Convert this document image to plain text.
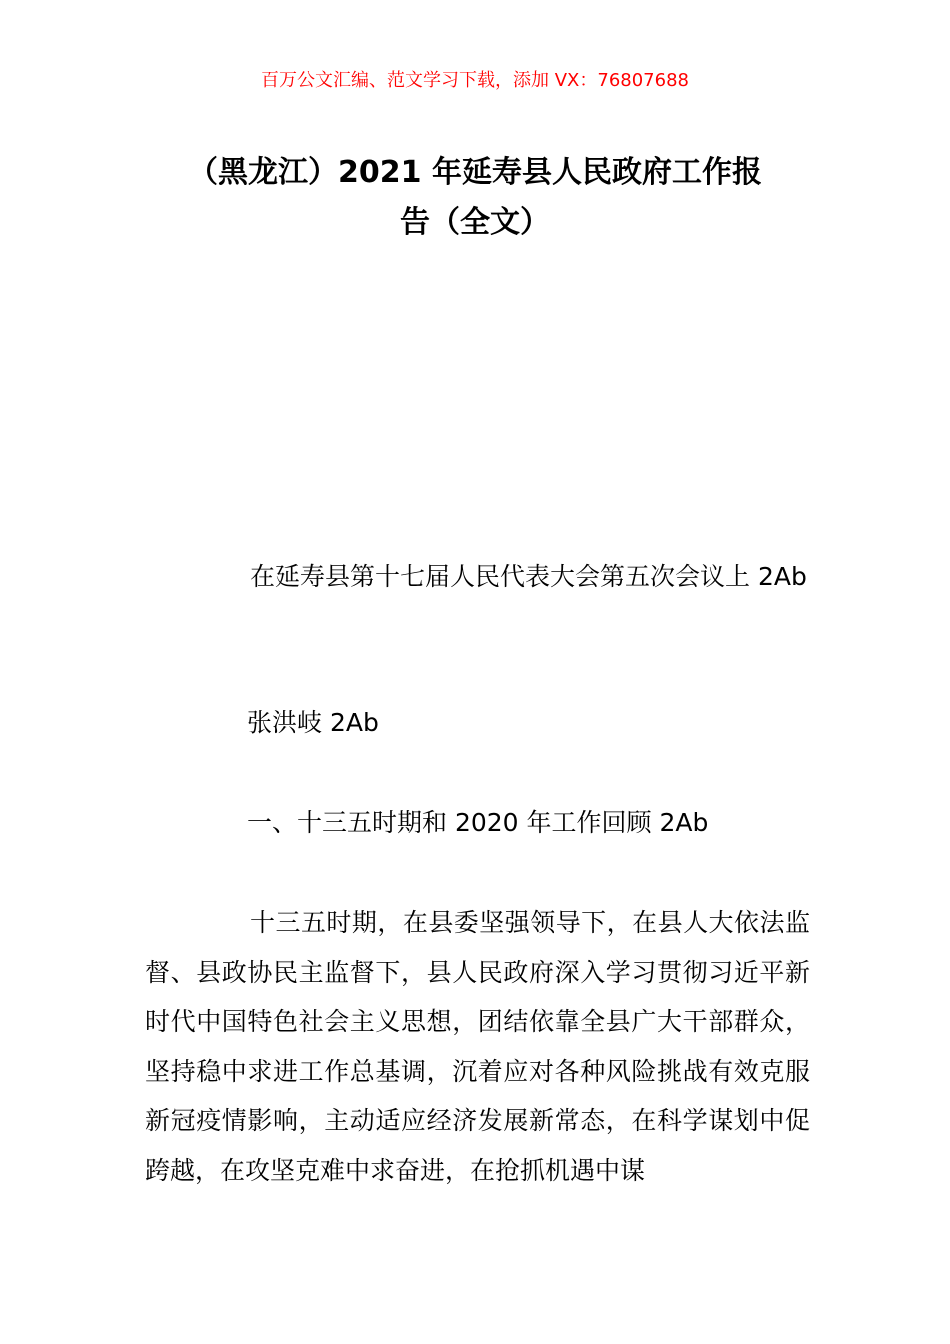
百万公文汇编、范文学习下载，添加 VX：76807688
（黑龙江）2021 年延寿县人民政府工作报
告（全文）
在延寿县第十七届人民代表大会第五次会议上 2Ab
张洪岐 2Ab
一、十三五时期和 2020 年工作回顾 2Ab
十三五时期，在县委坚强领导下，在县人大依法监督、县政协民主监督下，县人民政府深入学习贯彻习近平新时代中国特色社会主义思想，团结依靠全县广大干部群众，坚持稳中求进工作总基调，沉着应对各种风险挑战有效克服新冠疫情影响，主动适应经济发展新常态，在科学谋划中促跨越，在攻坚克难中求奋进，在抢抓机遇中谋
